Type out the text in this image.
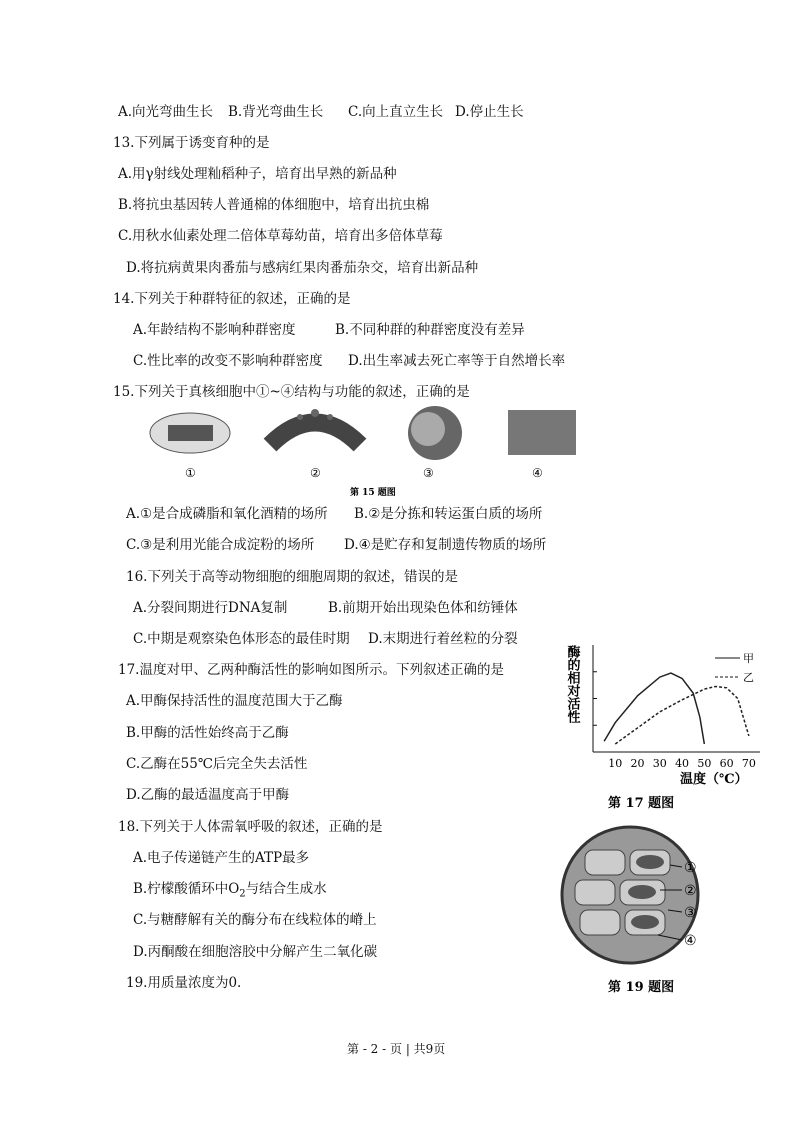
A.向光弯曲生长 B.背光弯曲生长 C.向上直立生长 D.停止生长
13.下列属于诱变育种的是
A.用γ射线处理籼稻种子，培育出早熟的新品种
B.将抗虫基因转人普通棉的体细胞中，培育出抗虫棉
C.用秋水仙素处理二倍体草莓幼苗，培育出多倍体草莓
D.将抗病黄果肉番茄与感病红果肉番茄杂交，培育出新品种
14.下列关于种群特征的叙述，正确的是
A.年龄结构不影响种群密度	B.不同种群的种群密度没有差异
C.性比率的改变不影响种群密度 D.出生率减去死亡率等于自然增长率
15.下列关于真核细胞中①~④结构与功能的叙述，正确的是
①	②	③	④
第 15 题图
A.①是合成磷脂和氧化酒精的场所 B.②是分拣和转运蛋白质的场所
C.③是利用光能合成淀粉的场所 D.④是贮存和复制遗传物质的场所
16.下列关于高等动物细胞的细胞周期的叙述，错误的是
A.分裂间期进行DNA复制	B.前期开始出现染色体和纺锤体
C.中期是观察染色体形态的最佳时期 D.末期进行着丝粒的分裂
17.温度对甲、乙两种酶活性的影响如图所示。下列叙述正确的是
A.甲酶保持活性的温度范围大于乙酶
B.甲酶的活性始终高于乙酶
C.乙酶在55℃后完全失去活性
D.乙酶的最适温度高于甲酶
酶的相对活性
温度（℃）
甲
乙
10 20 30 40 50 60 70
第 17 题图
18.下列关于人体需氧呼吸的叙述，正确的是
A.电子传递链产生的ATP最多
B.柠檬酸循环中$O_2$与结合生成水
C.与糖酵解有关的酶分布在线粒体的嵴上
D.丙酮酸在细胞溶胶中分解产生二氧化碳
19.用质量浓度为0.
①
②
③
④
第 19 题图
第 - 2 - 页 | 共9页
